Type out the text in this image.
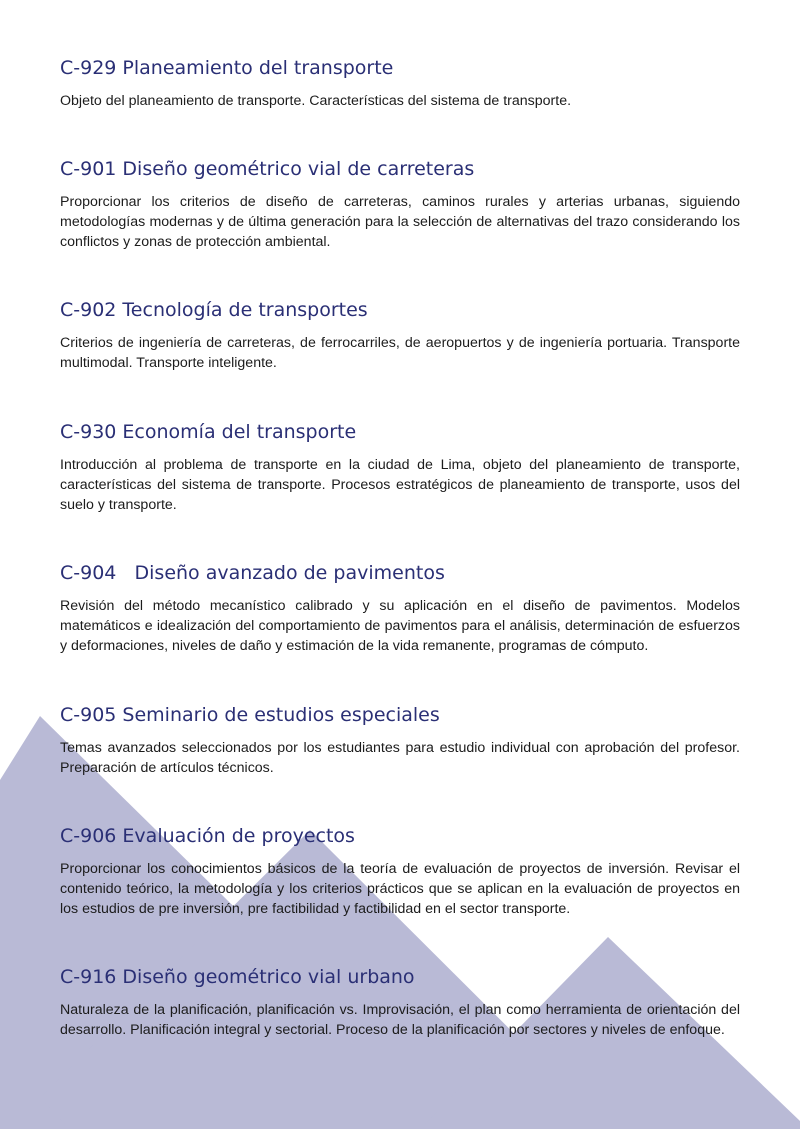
C-929 Planeamiento del transporte

Objeto del planeamiento de transporte. Características del sistema de transporte.

C-901 Diseño geométrico vial de carreteras

Proporcionar los criterios de diseño de carreteras, caminos rurales y arterias urbanas, siguiendo metodologías modernas y de última generación para la selección de alternativas del trazo considerando los conflictos y zonas de protección ambiental.

C-902 Tecnología de transportes

Criterios de ingeniería de carreteras, de ferrocarriles, de aeropuertos y de ingeniería portuaria. Transporte multimodal. Transporte inteligente.

C-930 Economía del transporte

Introducción al problema de transporte en la ciudad de Lima, objeto del planeamiento de transporte, características del sistema de transporte. Procesos estratégicos de planeamiento de transporte, usos del suelo y transporte.

C-904   Diseño avanzado de pavimentos

Revisión del método mecanístico calibrado y su aplicación en el diseño de pavimentos. Modelos matemáticos e idealización del comportamiento de pavimentos para el análisis, determinación de esfuerzos y deformaciones, niveles de daño y estimación de la vida remanente, programas de cómputo.

C-905 Seminario de estudios especiales

Temas avanzados seleccionados por los estudiantes para estudio individual con aprobación del profesor. Preparación de artículos técnicos.

C-906 Evaluación de proyectos

Proporcionar los conocimientos básicos de la teoría de evaluación de proyectos de inversión. Revisar el contenido teórico, la metodología y los criterios prácticos que se aplican en la evaluación de proyectos en los estudios de pre inversión, pre factibilidad y factibilidad en el sector transporte.

C-916 Diseño geométrico vial urbano

Naturaleza de la planificación, planificación vs. Improvisación, el plan como herramienta de orientación del desarrollo. Planificación integral y sectorial. Proceso de la planificación por sectores y niveles de enfoque.
